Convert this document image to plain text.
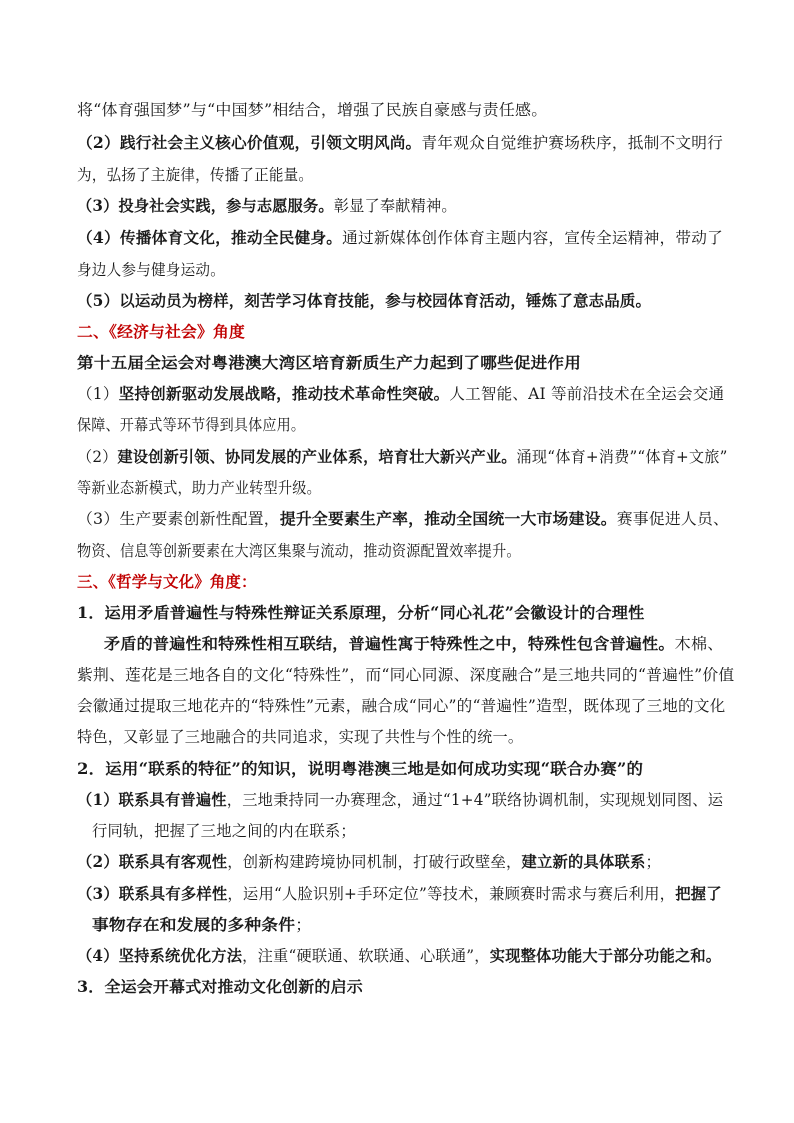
将“体育强国梦”与“中国梦”相结合，增强了民族自豪感与责任感。
（2）践行社会主义核心价值观，引领文明风尚。青年观众自觉维护赛场秩序，抵制不文明行
为，弘扬了主旋律，传播了正能量。
（3）投身社会实践，参与志愿服务。彰显了奉献精神。
（4）传播体育文化，推动全民健身。通过新媒体创作体育主题内容，宣传全运精神，带动了
身边人参与健身运动。
（5）以运动员为榜样，刻苦学习体育技能，参与校园体育活动，锤炼了意志品质。
二、《经济与社会》角度
第十五届全运会对粤港澳大湾区培育新质生产力起到了哪些促进作用
（1）坚持创新驱动发展战略，推动技术革命性突破。人工智能、AI 等前沿技术在全运会交通
保障、开幕式等环节得到具体应用。
（2）建设创新引领、协同发展的产业体系，培育壮大新兴产业。涌现“体育+消费”“体育+文旅”
等新业态新模式，助力产业转型升级。
（3）生产要素创新性配置，提升全要素生产率，推动全国统一大市场建设。赛事促进人员、
物资、信息等创新要素在大湾区集聚与流动，推动资源配置效率提升。
三、《哲学与文化》角度：
1．运用矛盾普遍性与特殊性辩证关系原理，分析“同心礼花”会徽设计的合理性
矛盾的普遍性和特殊性相互联结，普遍性寓于特殊性之中，特殊性包含普遍性。木棉、
紫荆、莲花是三地各自的文化“特殊性”，而“同心同源、深度融合”是三地共同的“普遍性”价值
会徽通过提取三地花卉的“特殊性”元素，融合成“同心”的“普遍性”造型，既体现了三地的文化
特色，又彰显了三地融合的共同追求，实现了共性与个性的统一。
2．运用“联系的特征”的知识，说明粤港澳三地是如何成功实现“联合办赛”的
（1）联系具有普遍性，三地秉持同一办赛理念，通过“1+4”联络协调机制，实现规划同图、运
行同轨，把握了三地之间的内在联系；
（2）联系具有客观性，创新构建跨境协同机制，打破行政壁垒，建立新的具体联系；
（3）联系具有多样性，运用“人脸识别+手环定位”等技术，兼顾赛时需求与赛后利用，把握了
事物存在和发展的多种条件；
（4）坚持系统优化方法，注重“硬联通、软联通、心联通”，实现整体功能大于部分功能之和。
3．全运会开幕式对推动文化创新的启示
